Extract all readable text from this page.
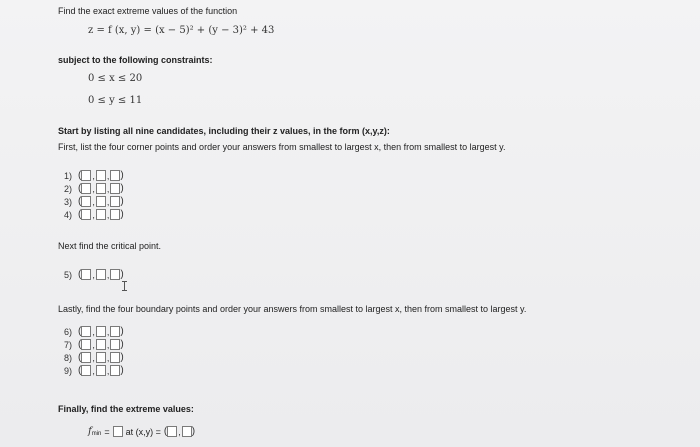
Find the exact extreme values of the function
z = f (x, y) = (x − 5)² + (y − 3)² + 43
subject to the following constraints:
0 ≤ x ≤ 20
0 ≤ y ≤ 11
Start by listing all nine candidates, including their z values, in the form (x,y,z):
First, list the four corner points and order your answers from smallest to largest x, then from smallest to largest y.
1) ( , , )
2) ( , , )
3) ( , , )
4) ( , , )
Next find the critical point.
5) ( , , )
Lastly, find the four boundary points and order your answers from smallest to largest x, then from smallest to largest y.
6) ( , , )
7) ( , , )
8) ( , , )
9) ( , , )
Finally, find the extreme values:
f min = at (x,y) = ( , )
